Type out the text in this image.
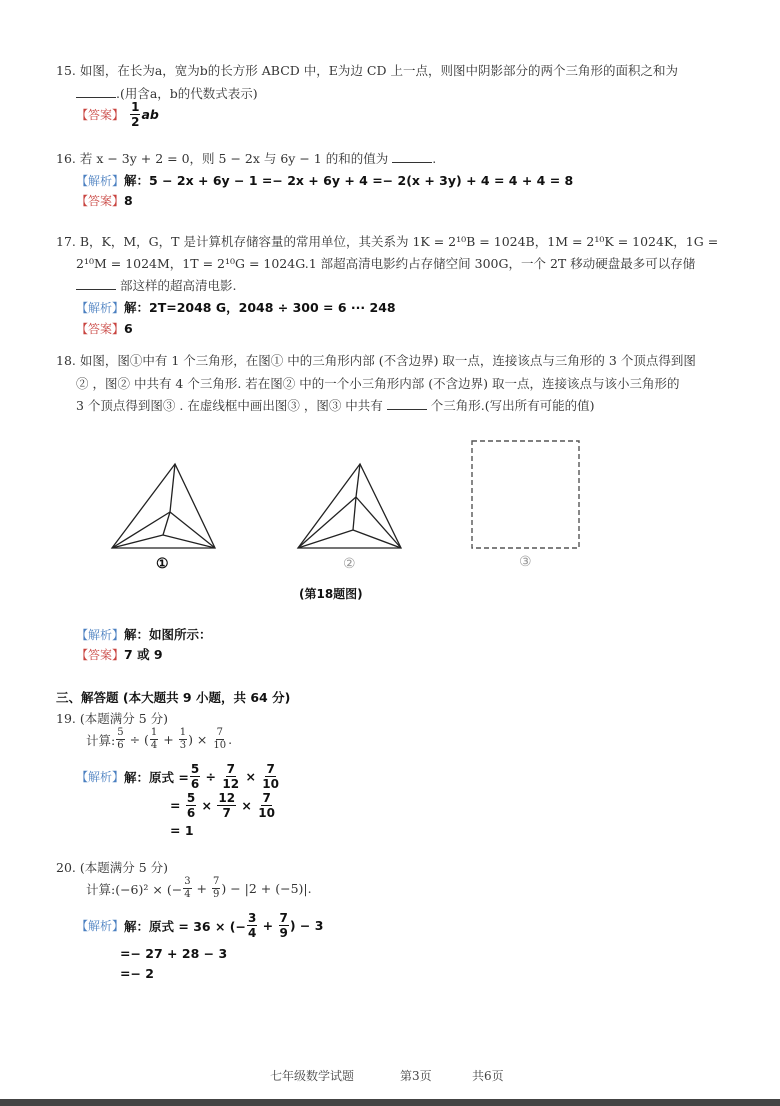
15. 如图，在长为a，宽为b的长方形 ABCD 中，E为边 CD 上一点，则图中阴影部分的两个三角形的面积之和为
.(用含a，b的代数式表示)
【答案】 $\frac{1}{2}$ ab
16. 若 x − 3y + 2 = 0，则 5 − 2x 与 6y − 1 的和的值为	.
【解析】解：5 − 2x + 6y − 1 =− 2x + 6y + 4 =− 2(x + 3y) + 4 = 4 + 4 = 8
【答案】8
17. B，K，M，G，T 是计算机存储容量的常用单位，其关系为 1K = 2¹⁰B = 1024B，1M = 2¹⁰K = 1024K，1G =
2¹⁰M = 1024M，1T = 2¹⁰G = 1024G.1 部超高清电影约占存储空间 300G，一个 2T 移动硬盘最多可以存储
部这样的超高清电影.
【解析】解：2T=2048 G，2048 ÷ 300 = 6 ··· 248
【答案】6
18. 如图，图①中有 1 个三角形，在图① 中的三角形内部 (不含边界) 取一点，连接该点与三角形的 3 个顶点得到图
② ，图② 中共有 4 个三角形. 若在图② 中的一个小三角形内部 (不含边界) 取一点，连接该点与该小三角形的
3 个顶点得到图③ . 在虚线框中画出图③ ，图③ 中共有	个三角形.(写出所有可能的值)
①	②	③
(第18题图)
【解析】解：如图所示：
【答案】7 或 9
三、解答题 (本大题共 9 小题，共 64 分)
19. (本题满分 5 分)
计算: $\frac{5}{6}$ ÷ ( $\frac{1}{4} + \frac{1}{3}$ ) × $\frac{7}{10}$ .
【解析】 解：原式 = $\frac{5}{6} \div \frac{7}{12} \times \frac{7}{10}$
= $\frac{5}{6} \times \frac{12}{7} \times \frac{7}{10}$
= 1
20. (本题满分 5 分)
计算:(−6)² × (− $\frac{3}{4} + \frac{7}{9}$ ) − |2 + (−5)|.
【解析】 解：原式 = 36 × (− $\frac{3}{4} + \frac{7}{9}$ ) − 3
=− 27 + 28 − 3
=− 2
七年级数学试题	第3页	共6页
